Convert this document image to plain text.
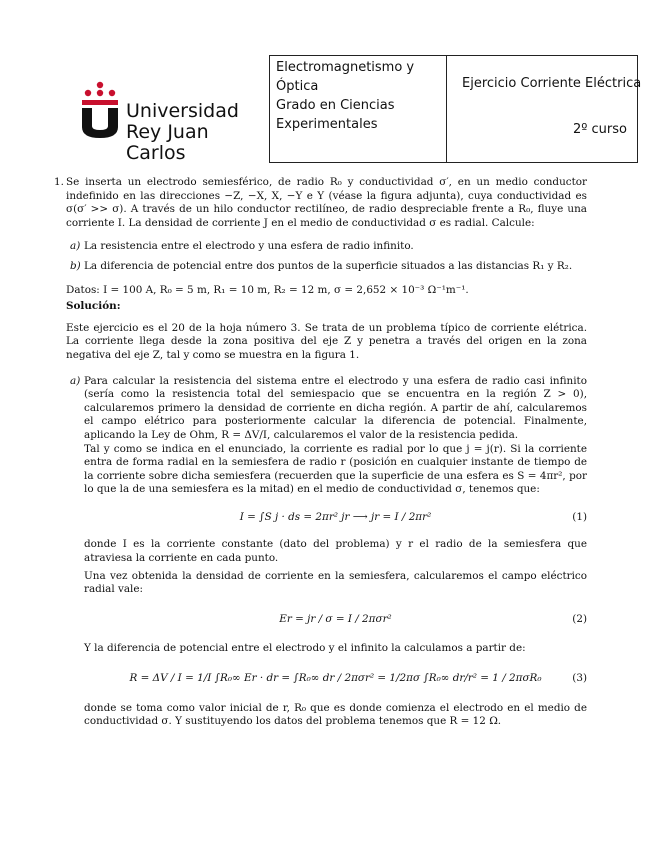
Universidad
Rey Juan Carlos

Electromagnetismo y
Óptica
Grado en Ciencias
Experimentales

Ejercicio Corriente Eléctrica
2º curso

1. Se inserta un electrodo semiesférico, de radio R₀ y conductividad σ′, en un medio conductor indefinido en las direcciones −Z, −X, X, −Y e Y (véase la figura adjunta), cuya conductividad es σ(σ′ >> σ). A través de un hilo conductor rectilíneo, de radio despreciable frente a R₀, fluye una corriente I. La densidad de corriente J en el medio de conductividad σ es radial. Calcule:

a) La resistencia entre el electrodo y una esfera de radio infinito.
b) La diferencia de potencial entre dos puntos de la superficie situados a las distancias R₁ y R₂.

Datos: I = 100 A, R₀ = 5 m, R₁ = 10 m, R₂ = 12 m, σ = 2,652 × 10⁻³ Ω⁻¹m⁻¹.

Solución:

Este ejercicio es el 20 de la hoja número 3. Se trata de un problema típico de corriente elétrica. La corriente llega desde la zona positiva del eje Z y penetra a través del origen en la zona negativa del eje Z, tal y como se muestra en la figura 1.

a) Para calcular la resistencia del sistema entre el electrodo y una esfera de radio casi infinito (sería como la resistencia total del semiespacio que se encuentra en la región Z > 0), calcularemos primero la densidad de corriente en dicha región. A partir de ahí, calcularemos el campo elétrico para posteriormente calcular la diferencia de potencial. Finalmente, aplicando la Ley de Ohm, R = ΔV/I, calcularemos el valor de la resistencia pedida.

Tal y como se indica en el enunciado, la corriente es radial por lo que j = j(r). Si la corriente entra de forma radial en la semiesfera de radio r (posición en cualquier instante de tiempo de la corriente sobre dicha semiesfera (recuerden que la superficie de una esfera es S = 4πr², por lo que la de una semiesfera es la mitad) en el medio de conductividad σ, tenemos que:

I = ∫S j · ds = 2πr² jr ⟶ jr = I / 2πr²	(1)

donde I es la corriente constante (dato del problema) y r el radio de la semiesfera que atraviesa la corriente en cada punto.

Una vez obtenida la densidad de corriente en la semiesfera, calcularemos el campo eléctrico radial vale:

Er = jr / σ = I / 2πσr²	(2)

Y la diferencia de potencial entre el electrodo y el infinito la calculamos a partir de:

R = ΔV / I = 1/I ∫R₀∞ Er · dr = ∫R₀∞ dr / 2πσr² = 1/2πσ ∫R₀∞ dr/r² = 1 / 2πσR₀	(3)

donde se toma como valor inicial de r, R₀ que es donde comienza el electrodo en el medio de conductividad σ. Y sustituyendo los datos del problema tenemos que R = 12 Ω.
